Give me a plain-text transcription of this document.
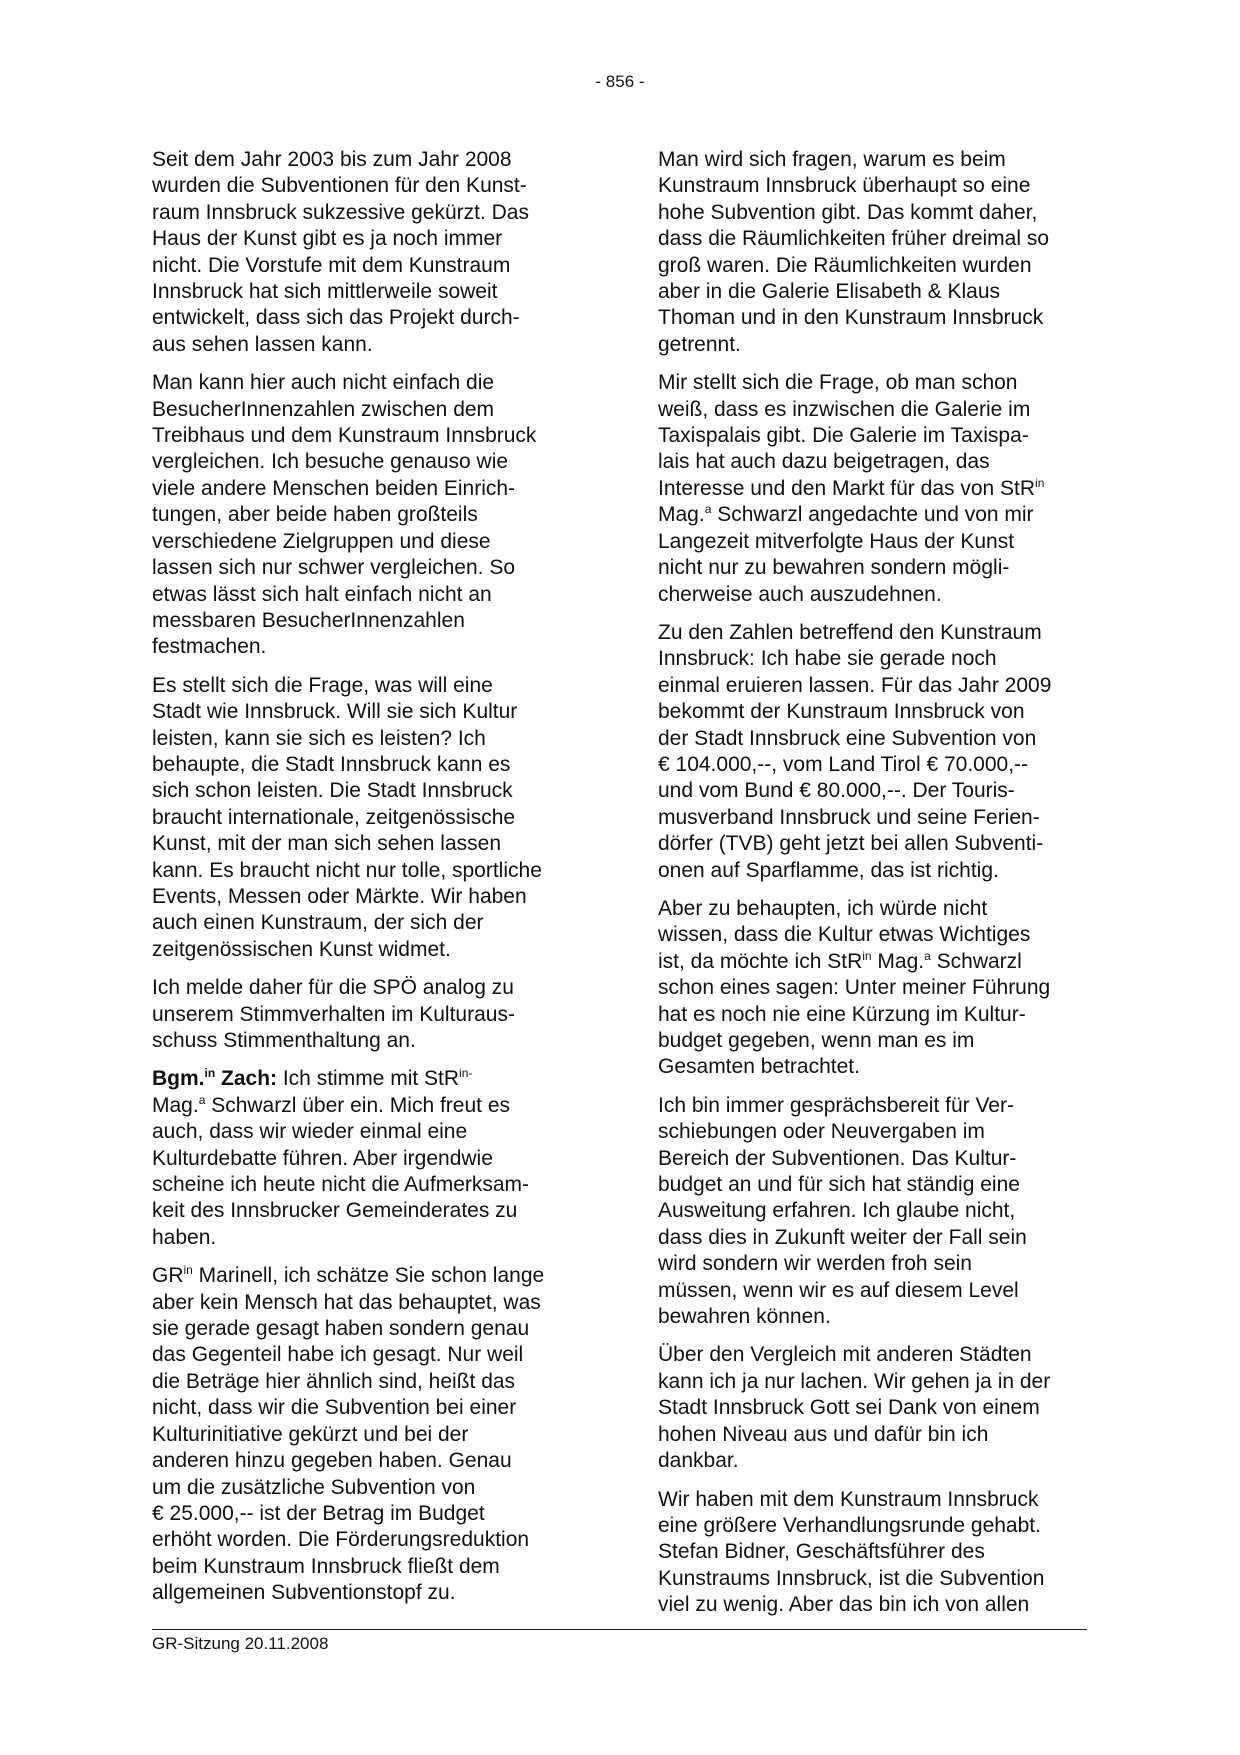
- 856 -

Seit dem Jahr 2003 bis zum Jahr 2008
wurden die Subventionen für den Kunst-
raum Innsbruck sukzessive gekürzt. Das
Haus der Kunst gibt es ja noch immer
nicht. Die Vorstufe mit dem Kunstraum
Innsbruck hat sich mittlerweile soweit
entwickelt, dass sich das Projekt durch-
aus sehen lassen kann.

Man kann hier auch nicht einfach die
BesucherInnenzahlen zwischen dem
Treibhaus und dem Kunstraum Innsbruck
vergleichen. Ich besuche genauso wie
viele andere Menschen beiden Einrich-
tungen, aber beide haben großteils
verschiedene Zielgruppen und diese
lassen sich nur schwer vergleichen. So
etwas lässt sich halt einfach nicht an
messbaren BesucherInnenzahlen
festmachen.

Es stellt sich die Frage, was will eine
Stadt wie Innsbruck. Will sie sich Kultur
leisten, kann sie sich es leisten? Ich
behaupte, die Stadt Innsbruck kann es
sich schon leisten. Die Stadt Innsbruck
braucht internationale, zeitgenössische
Kunst, mit der man sich sehen lassen
kann. Es braucht nicht nur tolle, sportliche
Events, Messen oder Märkte. Wir haben
auch einen Kunstraum, der sich der
zeitgenössischen Kunst widmet.

Ich melde daher für die SPÖ analog zu
unserem Stimmverhalten im Kulturaus-
schuss Stimmenthaltung an.

Bgm.$^{in}$ Zach: Ich stimme mit StR$^{in-}$
Mag.$^a$ Schwarzl über ein. Mich freut es
auch, dass wir wieder einmal eine
Kulturdebatte führen. Aber irgendwie
scheine ich heute nicht die Aufmerksam-
keit des Innsbrucker Gemeinderates zu
haben.

$GR^{in}$ Marinell, ich schätze Sie schon lange
aber kein Mensch hat das behauptet, was
sie gerade gesagt haben sondern genau
das Gegenteil habe ich gesagt. Nur weil
die Beträge hier ähnlich sind, heißt das
nicht, dass wir die Subvention bei einer
Kulturinitiative gekürzt und bei der
anderen hinzu gegeben haben. Genau
um die zusätzliche Subvention von
€ 25.000,-- ist der Betrag im Budget
erhöht worden. Die Förderungsreduktion
beim Kunstraum Innsbruck fließt dem
allgemeinen Subventionstopf zu.

Man wird sich fragen, warum es beim
Kunstraum Innsbruck überhaupt so eine
hohe Subvention gibt. Das kommt daher,
dass die Räumlichkeiten früher dreimal so
groß waren. Die Räumlichkeiten wurden
aber in die Galerie Elisabeth & Klaus
Thoman und in den Kunstraum Innsbruck
getrennt.

Mir stellt sich die Frage, ob man schon
weiß, dass es inzwischen die Galerie im
Taxispalais gibt. Die Galerie im Taxispa-
lais hat auch dazu beigetragen, das
Interesse und den Markt für das von StR$^{in}$
Mag.$^a$ Schwarzl angedachte und von mir
Langezeit mitverfolgte Haus der Kunst
nicht nur zu bewahren sondern mögli-
cherweise auch auszudehnen.

Zu den Zahlen betreffend den Kunstraum
Innsbruck: Ich habe sie gerade noch
einmal eruieren lassen. Für das Jahr 2009
bekommt der Kunstraum Innsbruck von
der Stadt Innsbruck eine Subvention von
€ 104.000,--, vom Land Tirol € 70.000,--
und vom Bund € 80.000,--. Der Touris-
musverband Innsbruck und seine Ferien-
dörfer (TVB) geht jetzt bei allen Subventi-
onen auf Sparflamme, das ist richtig.

Aber zu behaupten, ich würde nicht
wissen, dass die Kultur etwas Wichtiges
ist, da möchte ich StR$^{in}$ Mag.$^a$ Schwarzl
schon eines sagen: Unter meiner Führung
hat es noch nie eine Kürzung im Kultur-
budget gegeben, wenn man es im
Gesamten betrachtet.

Ich bin immer gesprächsbereit für Ver-
schiebungen oder Neuvergaben im
Bereich der Subventionen. Das Kultur-
budget an und für sich hat ständig eine
Ausweitung erfahren. Ich glaube nicht,
dass dies in Zukunft weiter der Fall sein
wird sondern wir werden froh sein
müssen, wenn wir es auf diesem Level
bewahren können.

Über den Vergleich mit anderen Städten
kann ich ja nur lachen. Wir gehen ja in der
Stadt Innsbruck Gott sei Dank von einem
hohen Niveau aus und dafür bin ich
dankbar.

Wir haben mit dem Kunstraum Innsbruck
eine größere Verhandlungsrunde gehabt.
Stefan Bidner, Geschäftsführer des
Kunstraums Innsbruck, ist die Subvention
viel zu wenig. Aber das bin ich von allen

GR-Sitzung 20.11.2008
